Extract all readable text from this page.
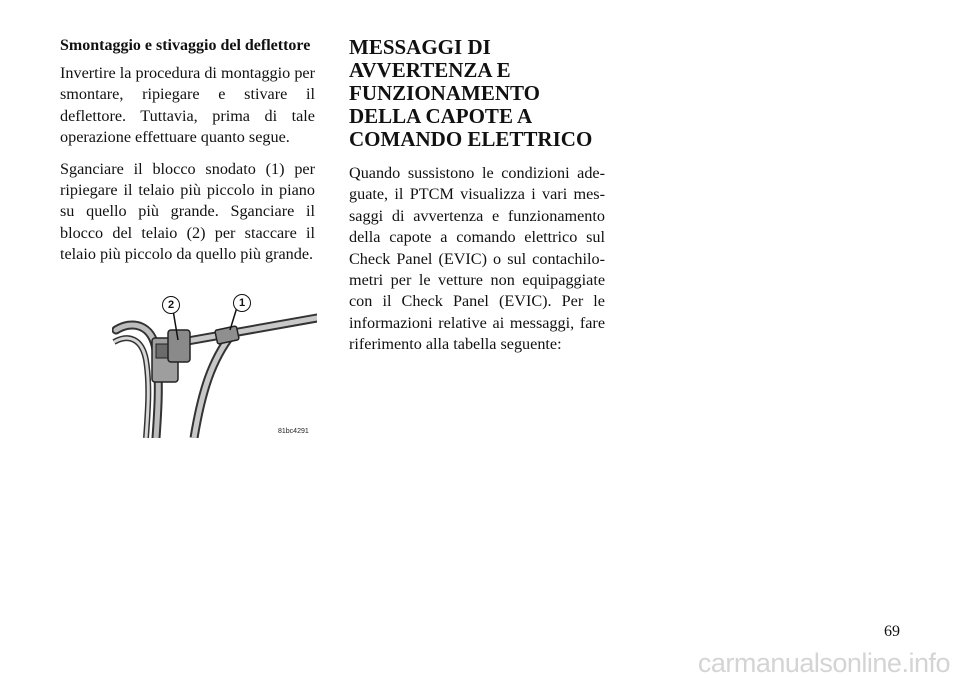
Smontaggio e stivaggio del deflettore

Invertire la procedura di montaggio per smontare, ripiegare e stivare il deflettore. Tuttavia, prima di tale operazione effettuare quanto segue.

Sganciare il blocco snodato (1) per ripiegare il telaio più piccolo in piano su quello più grande. Sganciare il blocco del telaio (2) per staccare il telaio più piccolo da quello più grande.

2	1
81bc4291
MESSAGGI DI AVVERTENZA E FUNZIONAMENTO DELLA CAPOTE A COMANDO ELETTRICO

Quando sussistono le condizioni ade-guate, il PTCM visualizza i vari mes-saggi di avvertenza e funzionamento della capote a comando elettrico sul Check Panel (EVIC) o sul contachilo-metri per le vetture non equipaggiate con il Check Panel (EVIC). Per le informazioni relative ai messaggi, fare riferimento alla tabella seguente:

69
carmanualsonline.info
